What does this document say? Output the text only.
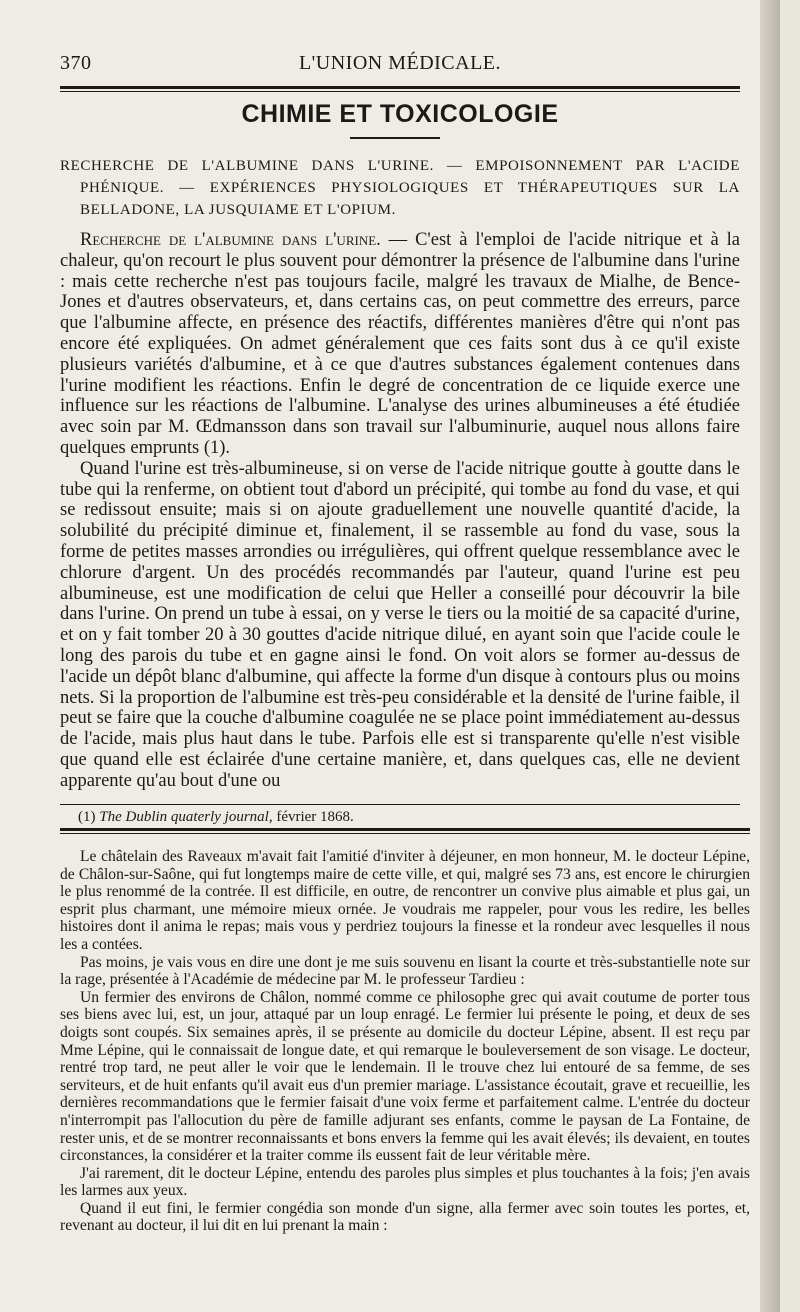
370	L'UNION MÉDICALE.
CHIMIE ET TOXICOLOGIE
RECHERCHE DE L'ALBUMINE DANS L'URINE. — EMPOISONNEMENT PAR L'ACIDE PHÉNIQUE. — EXPÉRIENCES PHYSIOLOGIQUES ET THÉRAPEUTIQUES SUR LA BELLADONE, LA JUSQUIAME ET L'OPIUM.

Recherche de l'albumine dans l'urine. — C'est à l'emploi de l'acide nitrique et à la chaleur, qu'on recourt le plus souvent pour démontrer la présence de l'albumine dans l'urine : mais cette recherche n'est pas toujours facile, malgré les travaux de Mialhe, de Bence-Jones et d'autres observateurs, et, dans certains cas, on peut commettre des erreurs, parce que l'albumine affecte, en présence des réactifs, différentes manières d'être qui n'ont pas encore été expliquées. On admet généralement que ces faits sont dus à ce qu'il existe plusieurs variétés d'albumine, et à ce que d'autres substances également contenues dans l'urine modifient les réactions. Enfin le degré de concentration de ce liquide exerce une influence sur les réactions de l'albumine. L'analyse des urines albumineuses a été étudiée avec soin par M. Œdmansson dans son travail sur l'albuminurie, auquel nous allons faire quelques emprunts (1).

Quand l'urine est très-albumineuse, si on verse de l'acide nitrique goutte à goutte dans le tube qui la renferme, on obtient tout d'abord un précipité, qui tombe au fond du vase, et qui se redissout ensuite; mais si on ajoute graduellement une nouvelle quantité d'acide, la solubilité du précipité diminue et, finalement, il se rassemble au fond du vase, sous la forme de petites masses arrondies ou irrégulières, qui offrent quelque ressemblance avec le chlorure d'argent. Un des procédés recommandés par l'auteur, quand l'urine est peu albumineuse, est une modification de celui que Heller a conseillé pour découvrir la bile dans l'urine. On prend un tube à essai, on y verse le tiers ou la moitié de sa capacité d'urine, et on y fait tomber 20 à 30 gouttes d'acide nitrique dilué, en ayant soin que l'acide coule le long des parois du tube et en gagne ainsi le fond. On voit alors se former au-dessus de l'acide un dépôt blanc d'albumine, qui affecte la forme d'un disque à contours plus ou moins nets. Si la proportion de l'albumine est très-peu considérable et la densité de l'urine faible, il peut se faire que la couche d'albumine coagulée ne se place point immédiatement au-dessus de l'acide, mais plus haut dans le tube. Parfois elle est si transparente qu'elle n'est visible que quand elle est éclairée d'une certaine manière, et, dans quelques cas, elle ne devient apparente qu'au bout d'une ou

(1) The Dublin quaterly journal, février 1868.

Le châtelain des Raveaux m'avait fait l'amitié d'inviter à déjeuner, en mon honneur, M. le docteur Lépine, de Châlon-sur-Saône, qui fut longtemps maire de cette ville, et qui, malgré ses 73 ans, est encore le chirurgien le plus renommé de la contrée. Il est difficile, en outre, de rencontrer un convive plus aimable et plus gai, un esprit plus charmant, une mémoire mieux ornée. Je voudrais me rappeler, pour vous les redire, les belles histoires dont il anima le repas; mais vous y perdriez toujours la finesse et la rondeur avec lesquelles il nous les a contées.

Pas moins, je vais vous en dire une dont je me suis souvenu en lisant la courte et très-substantielle note sur la rage, présentée à l'Académie de médecine par M. le professeur Tardieu :

Un fermier des environs de Châlon, nommé comme ce philosophe grec qui avait coutume de porter tous ses biens avec lui, est, un jour, attaqué par un loup enragé. Le fermier lui présente le poing, et deux de ses doigts sont coupés. Six semaines après, il se présente au domicile du docteur Lépine, absent. Il est reçu par Mme Lépine, qui le connaissait de longue date, et qui remarque le bouleversement de son visage. Le docteur, rentré trop tard, ne peut aller le voir que le lendemain. Il le trouve chez lui entouré de sa femme, de ses serviteurs, et de huit enfants qu'il avait eus d'un premier mariage. L'assistance écoutait, grave et recueillie, les dernières recommandations que le fermier faisait d'une voix ferme et parfaitement calme. L'entrée du docteur n'interrompit pas l'allocution du père de famille adjurant ses enfants, comme le paysan de La Fontaine, de rester unis, et de se montrer reconnaissants et bons envers la femme qui les avait élevés; ils devaient, en toutes circonstances, la considérer et la traiter comme ils eussent fait de leur véritable mère.

J'ai rarement, dit le docteur Lépine, entendu des paroles plus simples et plus touchantes à la fois; j'en avais les larmes aux yeux.

Quand il eut fini, le fermier congédia son monde d'un signe, alla fermer avec soin toutes les portes, et, revenant au docteur, il lui dit en lui prenant la main :
